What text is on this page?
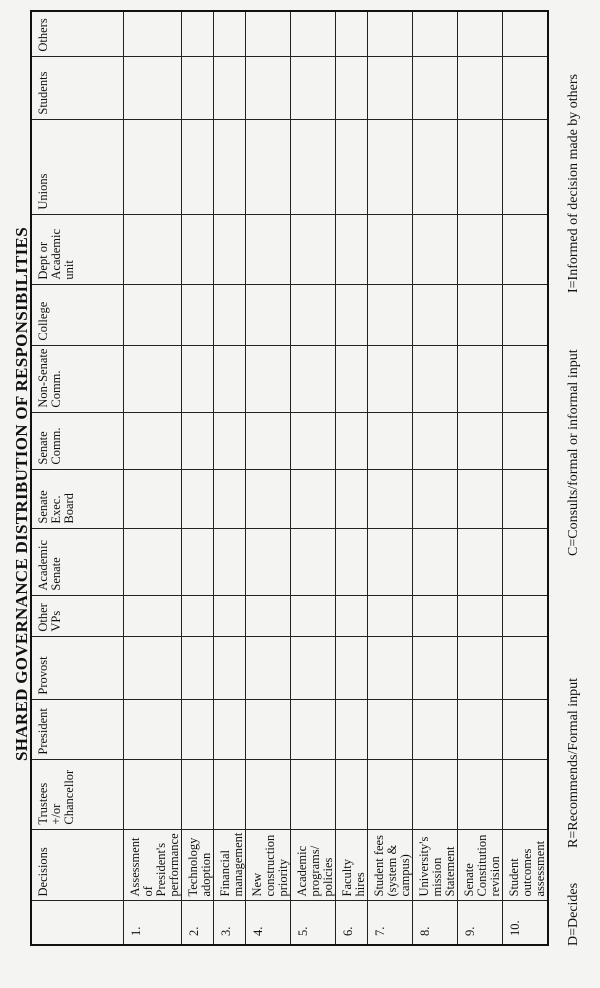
SHARED GOVERNANCE DISTRIBUTION OF RESPONSIBILITIES
	Decisions	Trustees +/or Chancellor	President	Provost	Other VPs	Academic Senate	Senate Exec. Board	Senate Comm.	Non-Senate Comm.	College	Dept or Academic unit	Unions	Students	Others
1.	Assessment of President's performance													
2.	Technology adoption													
3.	Financial management													
4.	New construction priority													
5.	Academic programs/ policies													
6.	Faculty hires													
7.	Student fees (system & campus)													
8.	University's mission Statement													
9.	Senate Constitution revision													
10.	Student outcomes assessment													
D=Decides
R=Recommends/Formal input
C=Consults/formal or informal input
I=Informed of decision made by others
